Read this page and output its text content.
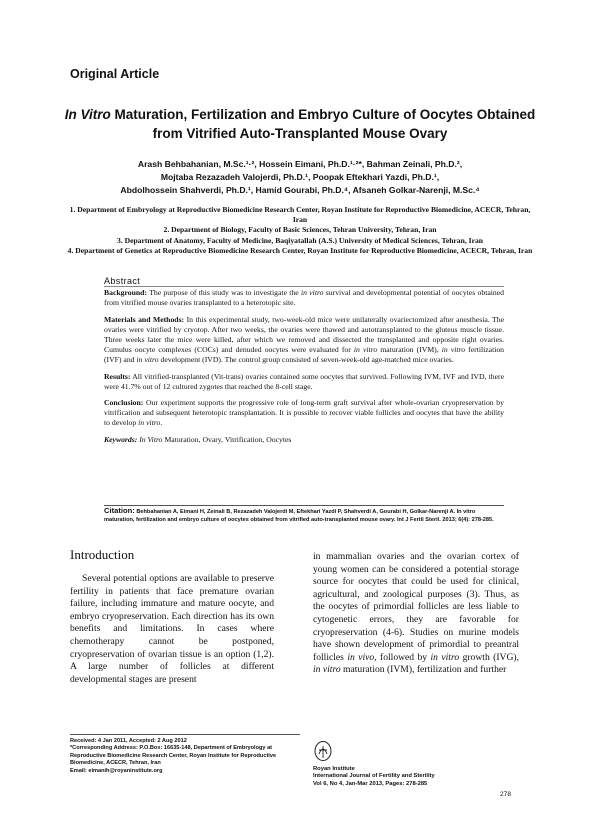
Original Article
In Vitro Maturation, Fertilization and Embryo Culture of Oocytes Obtained from Vitrified Auto-Transplanted Mouse Ovary
Arash Behbahanian, M.Sc.¹·², Hossein Eimani, Ph.D.¹·²*, Bahman Zeinali, Ph.D.²,
Mojtaba Rezazadeh Valojerdi, Ph.D.¹, Poopak Eftekhari Yazdi, Ph.D.¹,
Abdolhossein Shahverdi, Ph.D.¹, Hamid Gourabi, Ph.D.⁴, Afsaneh Golkar-Narenji, M.Sc.⁴
1. Department of Embryology at Reproductive Biomedicine Research Center, Royan Institute for Reproductive Biomedicine, ACECR, Tehran, Iran
2. Department of Biology, Faculty of Basic Sciences, Tehran University, Tehran, Iran
3. Department of Anatomy, Faculty of Medicine, Baqiyatallah (A.S.) University of Medical Sciences, Tehran, Iran
4. Department of Genetics at Reproductive Biomedicine Research Center, Royan Institute for Reproductive Biomedicine, ACECR, Tehran, Iran
Abstract

Background: The purpose of this study was to investigate the in vitro survival and developmental potential of oocytes obtained from vitrified mouse ovaries transplanted to a heterotopic site.

Materials and Methods: In this experimental study, two-week-old mice were unilaterally ovariectomized after anesthesia. The ovaries were vitrified by cryotop. After two weeks, the ovaries were thawed and autotransplanted to the gluteus muscle tissue. Three weeks later the mice were killed, after which we removed and dissected the transplanted and opposite right ovaries. Cumulus oocyte complexes (COCs) and denuded oocytes were evaluated for in vitro maturation (IVM), in vitro fertilization (IVF) and in vitro development (IVD). The control group consisted of seven-week-old age-matched mice ovaries.

Results: All vitrified-transplanted (Vit-trans) ovaries contained some oocytes that survived. Following IVM, IVF and IVD, there were 41.7% out of 12 cultured zygotes that reached the 8-cell stage.

Conclusion: Our experiment supports the progressive role of long-term graft survival after whole-ovarian cryopreservation by vitrification and subsequent heterotopic transplantation. It is possible to recover viable follicles and oocytes that have the ability to develop in vitro.

Keywords: In Vitro Maturation, Ovary, Vitrification, Oocytes

Citation: Behbahanian A, Eimani H, Zeinali B, Rezazadeh Valojerdi M, Eftekhari Yazdi P, Shahverdi A, Gourabi H, Golkar-Narenji A. In vitro maturation, fertilization and embryo culture of oocytes obtained from vitrified auto-transplanted mouse ovary. Int J Fertil Steril. 2013; 6(4): 278-285.
Introduction
Several potential options are available to preserve fertility in patients that face premature ovarian failure, including immature and mature oocyte, and embryo cryopreservation. Each direction has its own benefits and limitations. In cases where chemotherapy cannot be postponed, cryopreservation of ovarian tissue is an option (1,2). A large number of follicles at different developmental stages are present
in mammalian ovaries and the ovarian cortex of young women can be considered a potential storage source for oocytes that could be used for clinical, agricultural, and zoological purposes (3). Thus, as the oocytes of primordial follicles are less liable to cytogenetic errors, they are favorable for cryopreservation (4-6). Studies on murine models have shown development of primordial to preantral follicles in vivo, followed by in vitro growth (IVG), in vitro maturation (IVM), fertilization and further
Received: 4 Jan 2011, Accepted: 2 Aug 2012
*Corresponding Address: P.O.Box: 16635-148, Department of Embryology at Reproductive Biomedicine Research Center, Royan Institute for Reproductive Biomedicine, ACECR, Tehran, Iran
Email: eimanih@royaninstitute.org	Royan Institute
International Journal of Fertility and Sterility
Vol 6, No 4, Jan-Mar 2013, Pages: 278-285
278
